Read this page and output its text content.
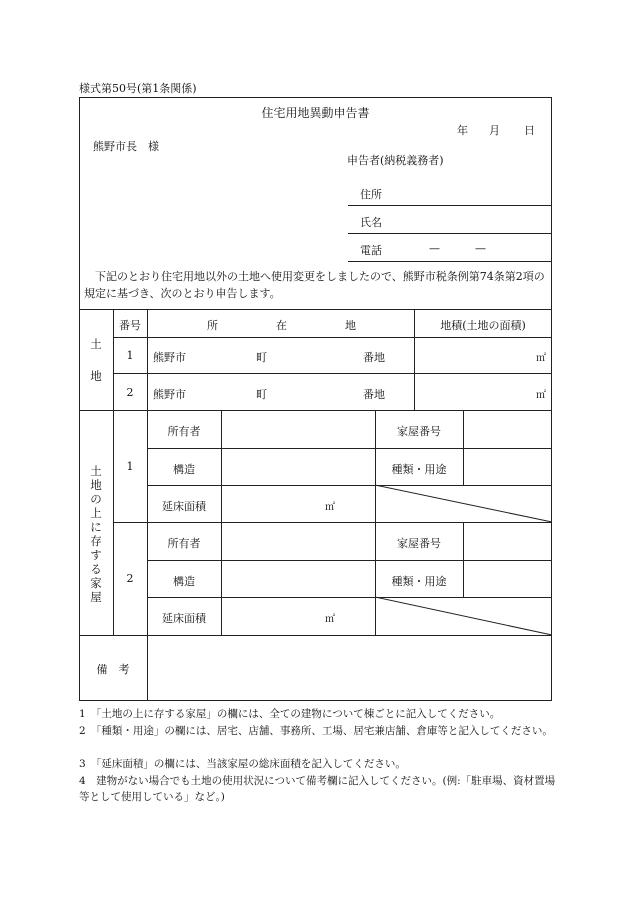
様式第50号(第1条関係)
住宅用地異動申告書
年 月 日
熊野市長　様
申告者(納税義務者)
住所
氏名
電話	—	—
　下記のとおり住宅用地以外の土地へ使用変更をしましたので、熊野市税条例第74条第2項の規定に基づき、次のとおり申告します。
土
地
番号	所	在	地	地積(土地の面積)
1	熊野市	町	番地	㎡
2	熊野市	町	番地	㎡
土
地
の
上
に
存
す
る
家
屋
1
所有者	家屋番号
構造	種類・用途
延床面積	㎡
2
所有者	家屋番号
構造	種類・用途
延床面積	㎡
備　考
1　「土地の上に存する家屋」の欄には、全ての建物について棟ごとに記入してください。
2　「種類・用途」の欄には、居宅、店舗、事務所、工場、居宅兼店舗、倉庫等と記入してください。
3　「延床面積」の欄には、当該家屋の総床面積を記入してください。
4　建物がない場合でも土地の使用状況について備考欄に記入してください。(例:「駐車場、資材置場等として使用している」など。)
